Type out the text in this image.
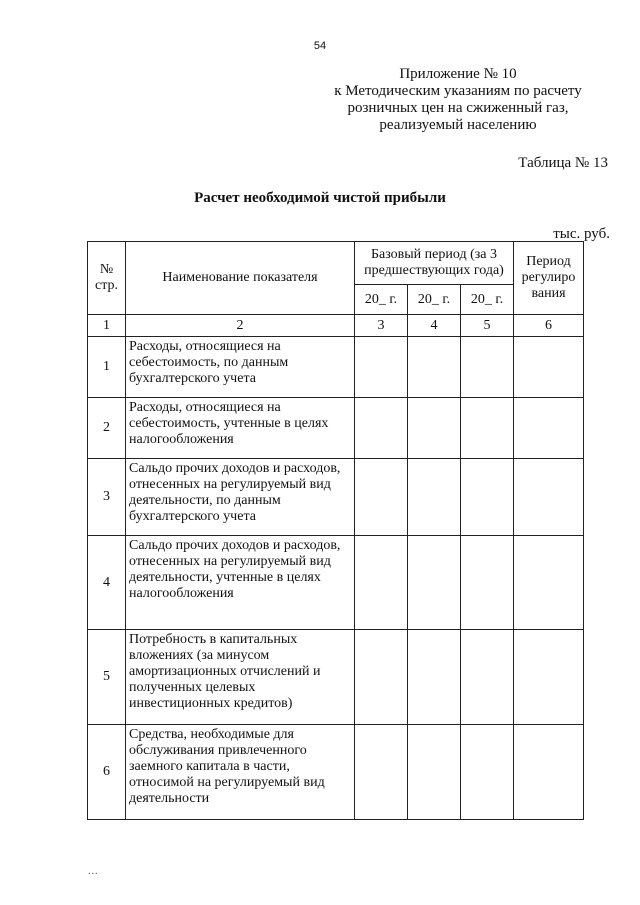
54
Приложение № 10
к Методическим указаниям по расчету
розничных цен на сжиженный газ,
реализуемый населению
Таблица № 13
Расчет необходимой чистой прибыли
тыс. руб.
№ стр.	Наименование показателя	Базовый период (за 3 предшествующих года)			Период регулиро вания
		20_ г.	20_ г.	20_ г.	
1	2	3	4	5	6
1	Расходы, относящиеся на себестоимость, по данным бухгалтерского учета				
2	Расходы, относящиеся на себестоимость, учтенные в целях налогообложения				
3	Сальдо прочих доходов и расходов, отнесенных на регулируемый вид деятельности, по данным бухгалтерского учета				
4	Сальдо прочих доходов и расходов, отнесенных на регулируемый вид деятельности, учтенные в целях налогообложения				
5	Потребность в капитальных вложениях (за минусом амортизационных отчислений и полученных целевых инвестиционных кредитов)				
6	Средства, необходимые для обслуживания привлеченного заемного капитала в части, относимой на регулируемый вид деятельности				
...
